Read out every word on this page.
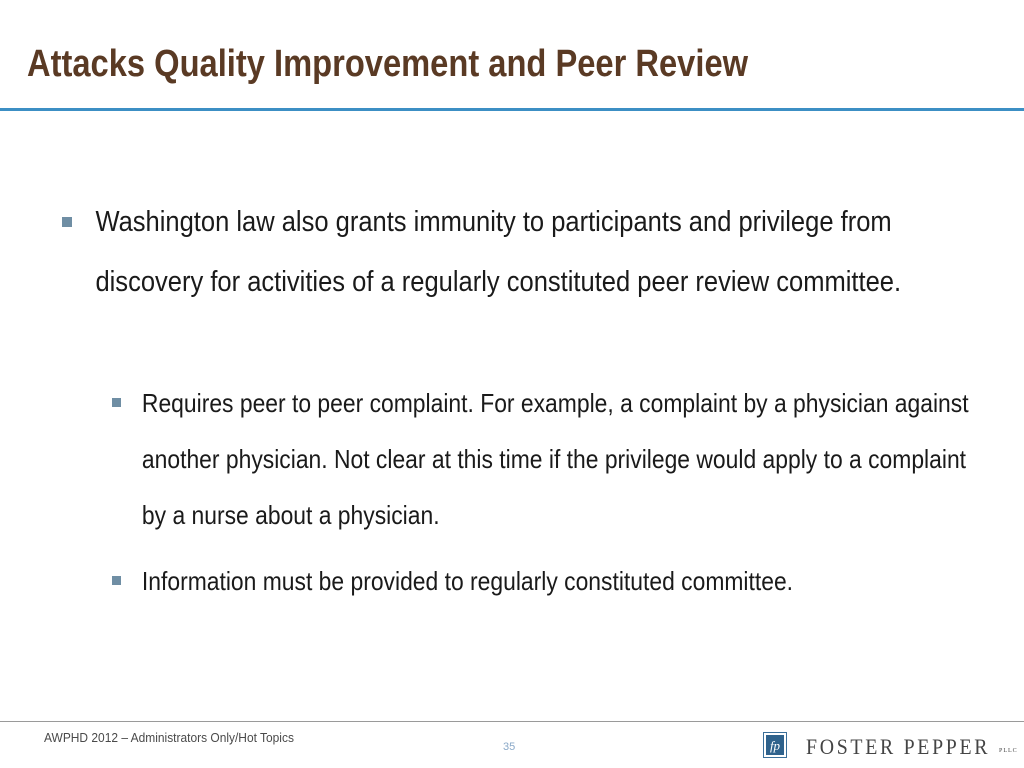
Attacks Quality Improvement and Peer Review
Washington law also grants immunity to participants and privilege from discovery for activities of a regularly constituted peer review committee.
Requires peer to peer complaint. For example, a complaint by a physician against another physician. Not clear at this time if the privilege would apply to a complaint by a nurse about a physician.
Information must be provided to regularly constituted committee.
AWPHD 2012 – Administrators Only/Hot Topics
35	fp FOSTER PEPPER PLLC
